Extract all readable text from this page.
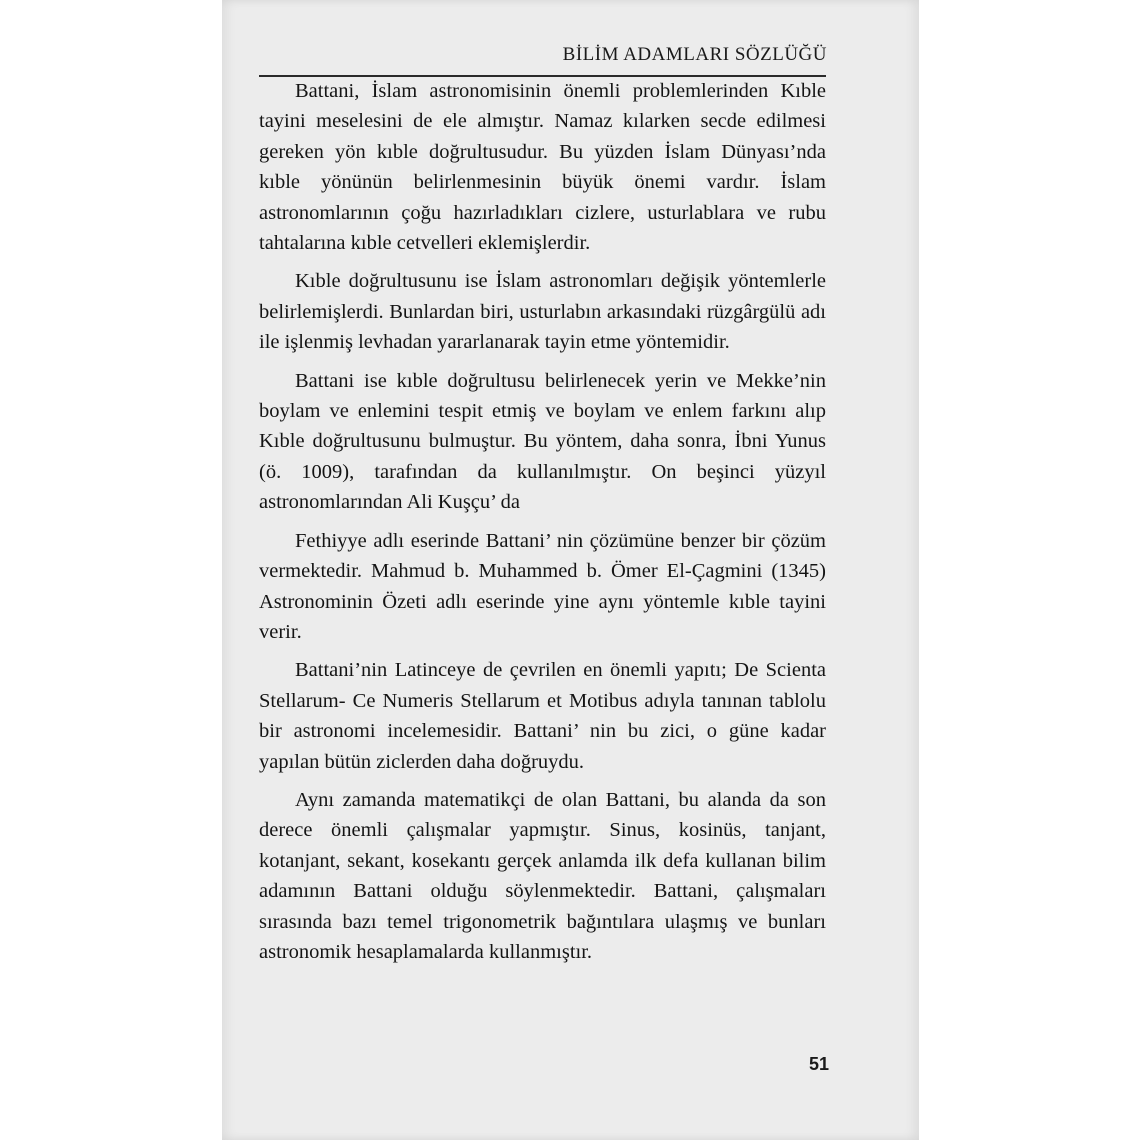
BİLİM ADAMLARI SÖZLÜĞÜ

Battani, İslam astronomisinin önemli problemlerinden Kıble tayini meselesini de ele almıştır. Namaz kılarken secde edilmesi gereken yön kıble doğrultusudur. Bu yüzden İslam Dünyası’nda kıble yönünün belirlenmesinin büyük önemi vardır. İslam astronomlarının çoğu hazırladıkları cizlere, usturlablara ve rubu tahtalarına kıble cetvelleri eklemişlerdir.

Kıble doğrultusunu ise İslam astronomları değişik yöntemlerle belirlemişlerdi. Bunlardan biri, usturlabın arkasındaki rüzgârgülü adı ile işlenmiş levhadan yararlanarak tayin etme yöntemidir.

Battani ise kıble doğrultusu belirlenecek yerin ve Mekke’nin boylam ve enlemini tespit etmiş ve boylam ve enlem farkını alıp Kıble doğrultusunu bulmuştur. Bu yöntem, daha sonra, İbni Yunus (ö. 1009), tarafından da kullanılmıştır. On beşinci yüzyıl astronomlarından Ali Kuşçu’ da

Fethiyye adlı eserinde Battani’ nin çözümüne benzer bir çözüm vermektedir. Mahmud b. Muhammed b. Ömer El-Çagmini (1345) Astronominin Özeti adlı eserinde yine aynı yöntemle kıble tayini verir.

Battani’nin Latinceye de çevrilen en önemli yapıtı; De Scienta Stellarum- Ce Numeris Stellarum et Motibus adıyla tanınan tablolu bir astronomi incelemesidir. Battani’ nin bu zici, o güne kadar yapılan bütün ziclerden daha doğruydu.

Aynı zamanda matematikçi de olan Battani, bu alanda da son derece önemli çalışmalar yapmıştır. Sinus, kosinüs, tanjant, kotanjant, sekant, kosekantı gerçek anlamda ilk defa kullanan bilim adamının Battani olduğu söylenmektedir. Battani, çalışmaları sırasında bazı temel trigonometrik bağıntılara ulaşmış ve bunları astronomik hesaplamalarda kullanmıştır.

51
